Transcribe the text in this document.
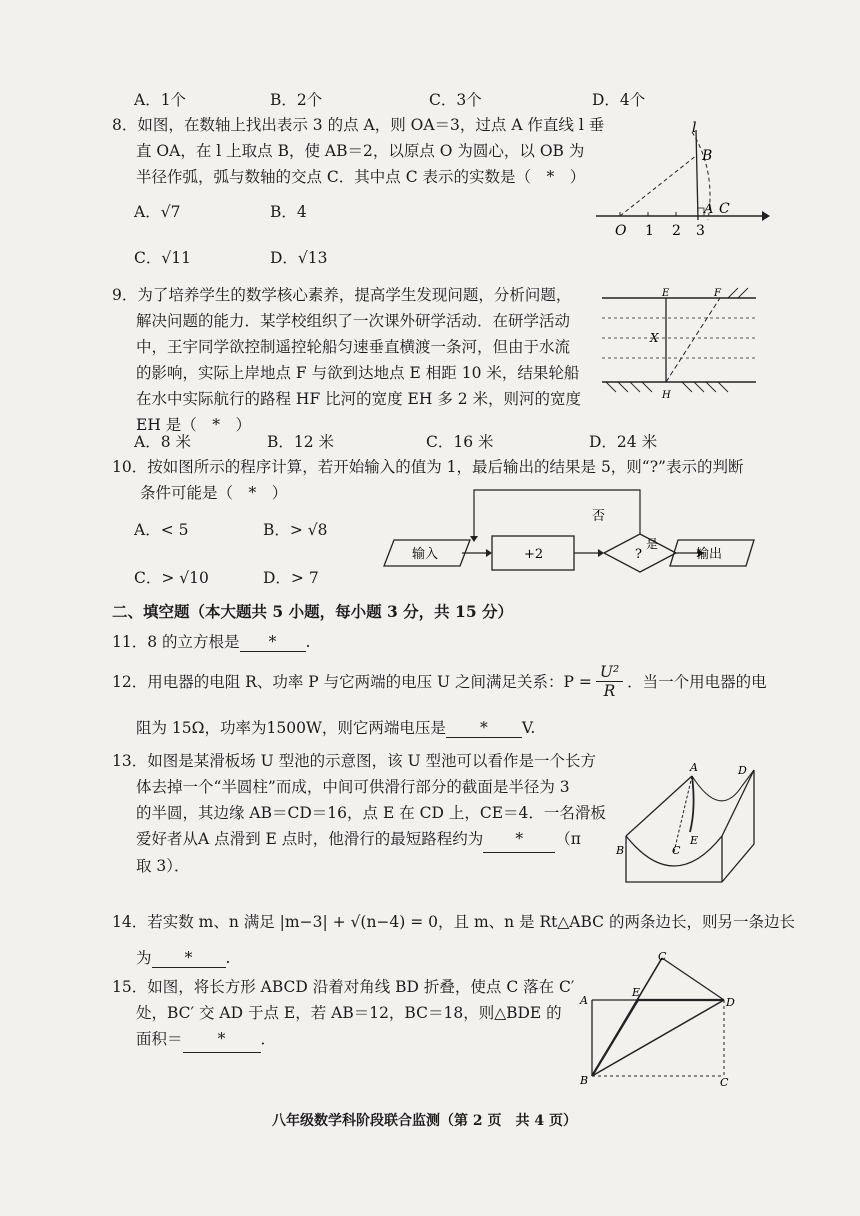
A．1个	B．2个	C．3个	D．4个
8．如图，在数轴上找出表示 3 的点 A，则 OA＝3，过点 A 作直线 l 垂
直 OA，在 l 上取点 B，使 AB＝2，以原点 O 为圆心，以 OB 为
半径作弧，弧与数轴的交点 C．其中点 C 表示的实数是（　*　）
A．√7	B．4
C．√11	D．√13
l
B
O 1 2 3
A C
9．为了培养学生的数学核心素养，提高学生发现问题，分析问题，
解决问题的能力．某学校组织了一次课外研学活动．在研学活动
中，王宇同学欲控制遥控轮船匀速垂直横渡一条河，但由于水流
的影响，实际上岸地点 F 与欲到达地点 E 相距 10 米，结果轮船
在水中实际航行的路程 HF 比河的宽度 EH 多 2 米，则河的宽度
EH 是（　*　）
A．8 米	B．12 米	C．16 米	D．24 米
E	F
X
H
10．按如图所示的程序计算，若开始输入的值为 1，最后输出的结果是 5，则“?”表示的判断
条件可能是（　*　）
A．< 5	B．> √8
C．> √10	D．> 7
输入	+2	?
是
输出
否
二、填空题（本大题共 5 小题，每小题 3 分，共 15 分）
11．8 的立方根是 * .
12．用电器的电阻 R、功率 P 与它两端的电压 U 之间满足关系：$P = \frac{\text{U²}}{R}$ ．当一个用电器的电
阻为 15Ω，功率为1500W，则它两端电压是 * V.
13．如图是某滑板场 U 型池的示意图，该 U 型池可以看作是一个长方
体去掉一个“半圆柱”而成，中间可供滑行部分的截面是半径为 3
的半圆，其边缘 AB＝CD＝16，点 E 在 CD 上，CE＝4．一名滑板
爱好者从A 点滑到 E 点时，他滑行的最短路程约为 * （π
取 3）．
A	D
B	C
E
14．若实数 m、n 满足 |m−3| + √(n−4) = 0，且 m、n 是 Rt△ABC 的两条边长，则另一条边长
为 * .
15．如图，将长方形 ABCD 沿着对角线 BD 折叠，使点 C 落在 C′
处，BC′ 交 AD 于点 E，若 AB＝12，BC＝18，则△BDE 的
面积＝ * ．
C
A
E
D
B	C
八年级数学科阶段联合监测（第 2 页　共 4 页）
